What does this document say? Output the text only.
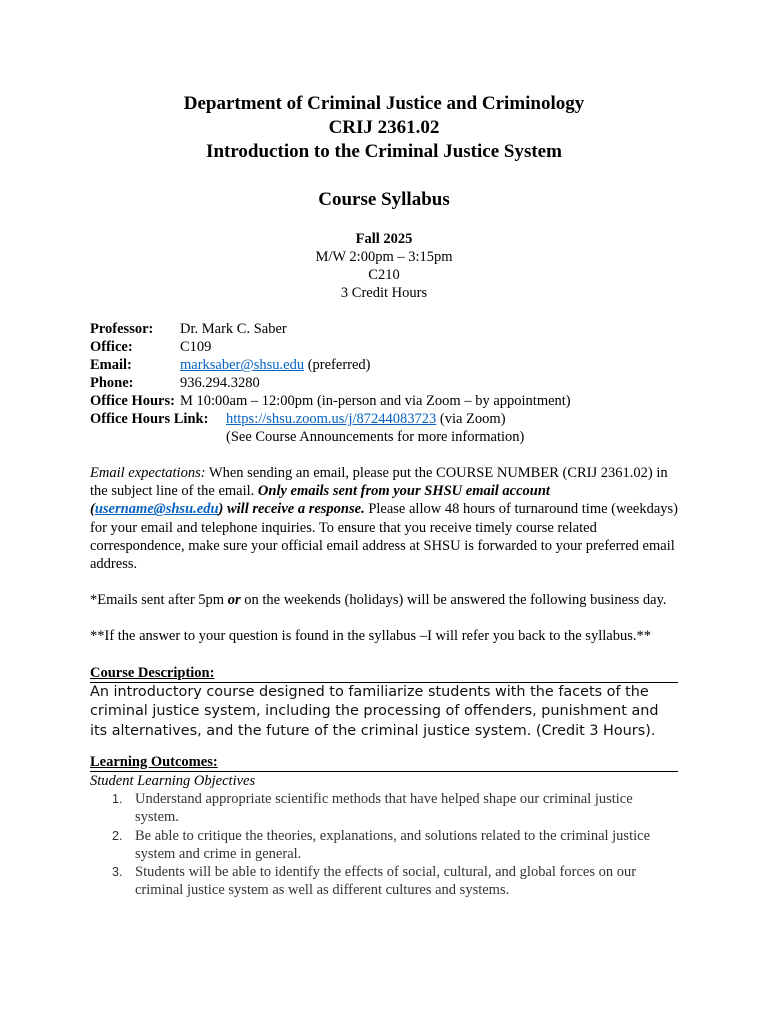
Department of Criminal Justice and Criminology
CRIJ 2361.02
Introduction to the Criminal Justice System
Course Syllabus
Fall 2025
M/W 2:00pm – 3:15pm
C210
3 Credit Hours
Professor:	Dr. Mark C. Saber
Office:	C109
Email:	marksaber@shsu.edu (preferred)
Phone:	936.294.3280
Office Hours: M 10:00am – 12:00pm (in-person and via Zoom – by appointment)
Office Hours Link:	https://shsu.zoom.us/j/87244083723 (via Zoom)
(See Course Announcements for more information)
Email expectations: When sending an email, please put the COURSE NUMBER (CRIJ 2361.02) in the subject line of the email. Only emails sent from your SHSU email account (username@shsu.edu) will receive a response. Please allow 48 hours of turnaround time (weekdays) for your email and telephone inquiries. To ensure that you receive timely course related correspondence, make sure your official email address at SHSU is forwarded to your preferred email address.
*Emails sent after 5pm or on the weekends (holidays) will be answered the following business day.
**If the answer to your question is found in the syllabus –I will refer you back to the syllabus.**
Course Description:
An introductory course designed to familiarize students with the facets of the criminal justice system, including the processing of offenders, punishment and its alternatives, and the future of the criminal justice system. (Credit 3 Hours).
Learning Outcomes:
Student Learning Objectives
1. Understand appropriate scientific methods that have helped shape our criminal justice system.
2. Be able to critique the theories, explanations, and solutions related to the criminal justice system and crime in general.
3. Students will be able to identify the effects of social, cultural, and global forces on our criminal justice system as well as different cultures and systems.
